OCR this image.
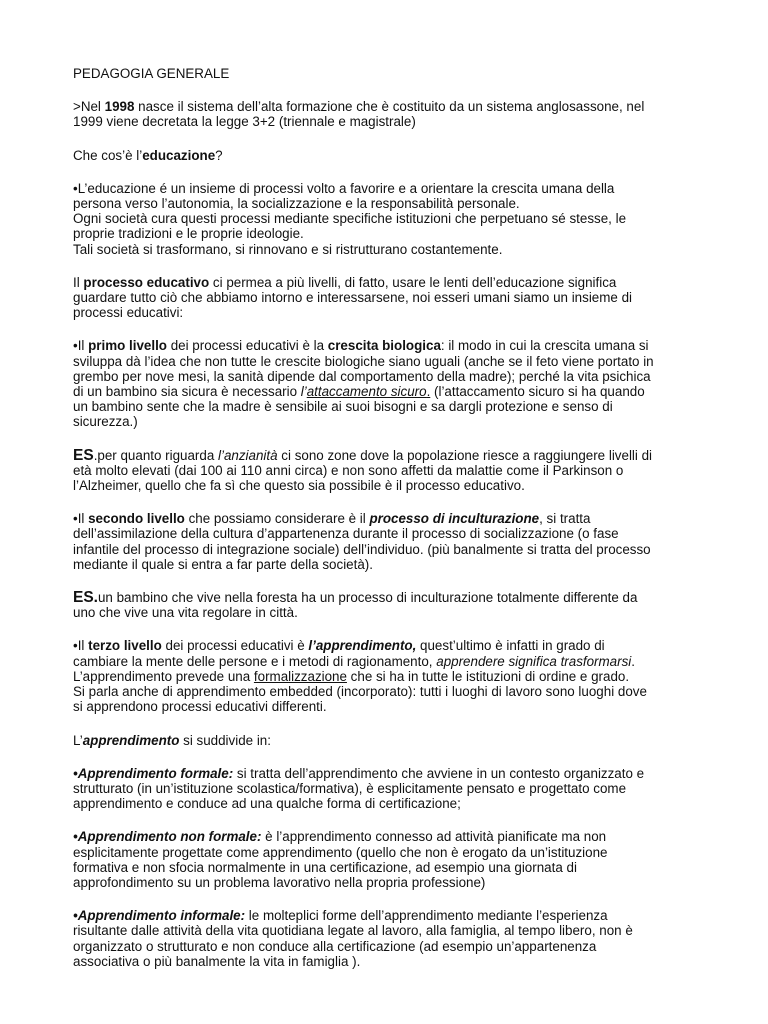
PEDAGOGIA GENERALE

>Nel 1998 nasce il sistema dell’alta formazione che è costituito da un sistema anglosassone, nel
1999 viene decretata la legge 3+2 (triennale e magistrale)

Che cos’è l’educazione?

•L’educazione é un insieme di processi volto a favorire e a orientare la crescita umana della
persona verso l’autonomia, la socializzazione e la responsabilità personale.
Ogni società cura questi processi mediante specifiche istituzioni che perpetuano sé stesse, le
proprie tradizioni e le proprie ideologie.
Tali società si trasformano, si rinnovano e si ristrutturano costantemente.

Il processo educativo ci permea a più livelli, di fatto, usare le lenti dell’educazione significa
guardare tutto ciò che abbiamo intorno e interessarsene, noi esseri umani siamo un insieme di
processi educativi:

•Il primo livello dei processi educativi è la crescita biologica: il modo in cui la crescita umana si
sviluppa dà l’idea che non tutte le crescite biologiche siano uguali (anche se il feto viene portato in
grembo per nove mesi, la sanità dipende dal comportamento della madre); perché la vita psichica
di un bambino sia sicura è necessario l’attaccamento sicuro. (l’attaccamento sicuro si ha quando
un bambino sente che la madre è sensibile ai suoi bisogni e sa dargli protezione e senso di
sicurezza.)

ES.per quanto riguarda l’anzianità ci sono zone dove la popolazione riesce a raggiungere livelli di
età molto elevati (dai 100 ai 110 anni circa) e non sono affetti da malattie come il Parkinson o
l’Alzheimer, quello che fa sì che questo sia possibile è il processo educativo.

•Il secondo livello che possiamo considerare è il processo di inculturazione, si tratta
dell’assimilazione della cultura d’appartenenza durante il processo di socializzazione (o fase
infantile del processo di integrazione sociale) dell’individuo. (più banalmente si tratta del processo
mediante il quale si entra a far parte della società).

ES.un bambino che vive nella foresta ha un processo di inculturazione totalmente differente da
uno che vive una vita regolare in città.

•Il terzo livello dei processi educativi è l’apprendimento, quest’ultimo è infatti in grado di
cambiare la mente delle persone e i metodi di ragionamento, apprendere significa trasformarsi.
L’apprendimento prevede una formalizzazione che si ha in tutte le istituzioni di ordine e grado.
Si parla anche di apprendimento embedded (incorporato): tutti i luoghi di lavoro sono luoghi dove
si apprendono processi educativi differenti.

L’apprendimento si suddivide in:

•Apprendimento formale: si tratta dell’apprendimento che avviene in un contesto organizzato e
strutturato (in un’istituzione scolastica/formativa), è esplicitamente pensato e progettato come
apprendimento e conduce ad una qualche forma di certificazione;

•Apprendimento non formale: è l’apprendimento connesso ad attività pianificate ma non
esplicitamente progettate come apprendimento (quello che non è erogato da un’istituzione
formativa e non sfocia normalmente in una certificazione, ad esempio una giornata di
approfondimento su un problema lavorativo nella propria professione)

•Apprendimento informale: le molteplici forme dell’apprendimento mediante l’esperienza
risultante dalle attività della vita quotidiana legate al lavoro, alla famiglia, al tempo libero, non è
organizzato o strutturato e non conduce alla certificazione (ad esempio un’appartenenza
associativa o più banalmente la vita in famiglia ).
